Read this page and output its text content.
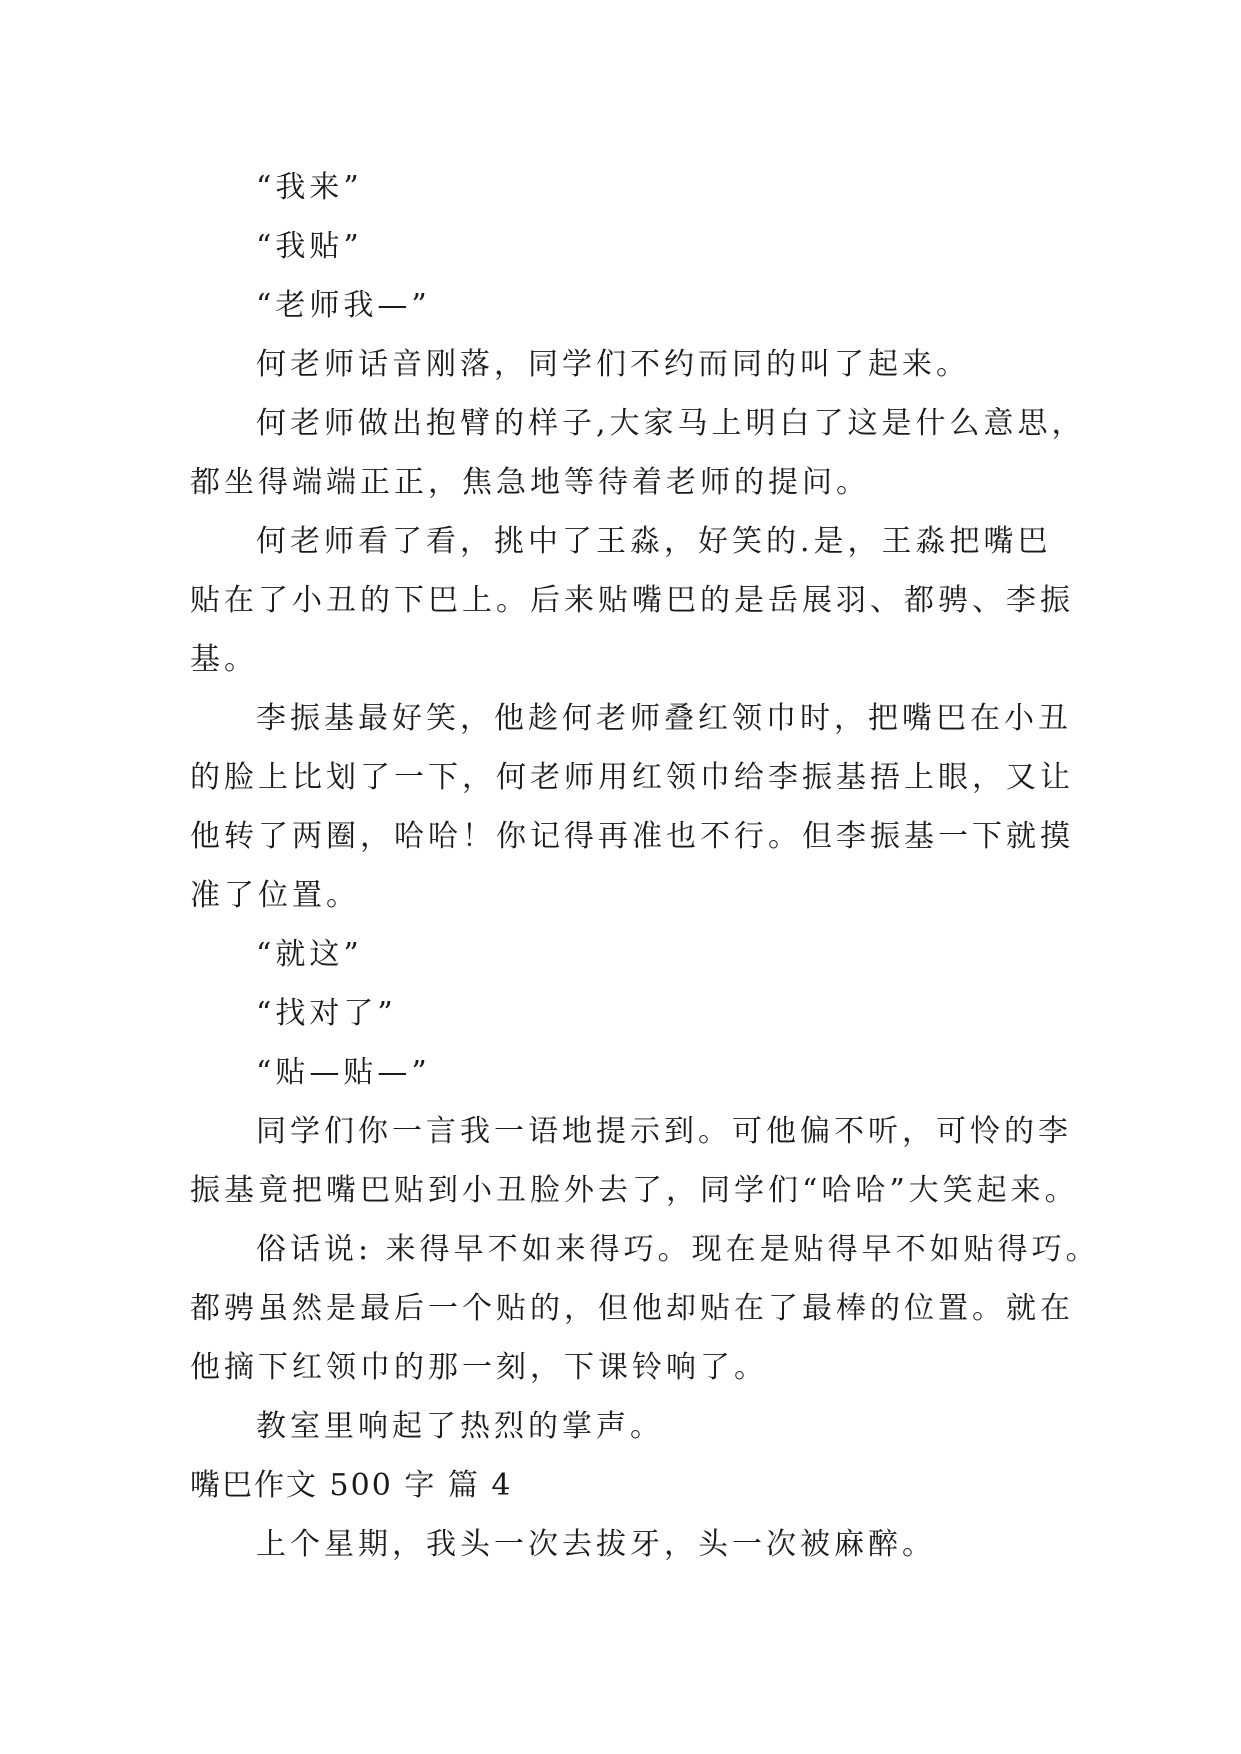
“我来”
“我贴”
“老师我—”
何老师话音刚落，同学们不约而同的叫了起来。
何老师做出抱臂的样子,大家马上明白了这是什么意思，
都坐得端端正正，焦急地等待着老师的提问。
何老师看了看，挑中了王淼，好笑的.是，王淼把嘴巴
贴在了小丑的下巴上。后来贴嘴巴的是岳展羽、都骋、李振
基。
李振基最好笑，他趁何老师叠红领巾时，把嘴巴在小丑
的脸上比划了一下，何老师用红领巾给李振基捂上眼，又让
他转了两圈，哈哈！你记得再准也不行。但李振基一下就摸
准了位置。
“就这”
“找对了”
“贴—贴—”
同学们你一言我一语地提示到。可他偏不听，可怜的李
振基竟把嘴巴贴到小丑脸外去了，同学们“哈哈”大笑起来。
俗话说: 来得早不如来得巧。现在是贴得早不如贴得巧。
都骋虽然是最后一个贴的，但他却贴在了最棒的位置。就在
他摘下红领巾的那一刻，下课铃响了。
教室里响起了热烈的掌声。
嘴巴作文 500 字 篇 4
上个星期，我头一次去拔牙，头一次被麻醉。
